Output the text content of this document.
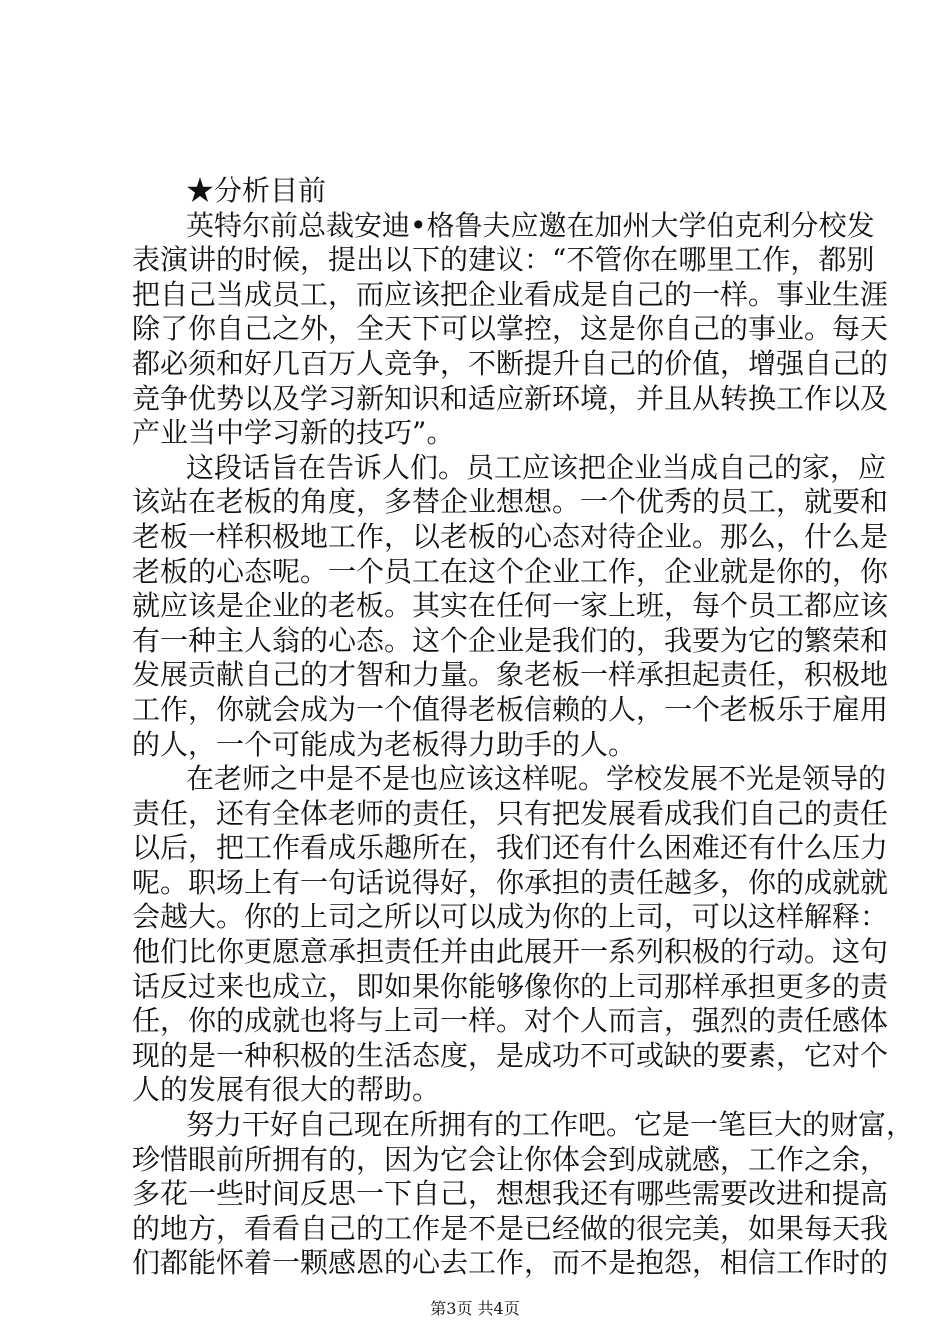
★分析目前
英特尔前总裁安迪•格鲁夫应邀在加州大学伯克利分校发
表演讲的时候，提出以下的建议：“不管你在哪里工作，都别
把自己当成员工，而应该把企业看成是自己的一样。事业生涯
除了你自己之外，全天下可以掌控，这是你自己的事业。每天
都必须和好几百万人竞争，不断提升自己的价值，增强自己的
竞争优势以及学习新知识和适应新环境，并且从转换工作以及
产业当中学习新的技巧”。
这段话旨在告诉人们。员工应该把企业当成自己的家，应
该站在老板的角度，多替企业想想。一个优秀的员工，就要和
老板一样积极地工作，以老板的心态对待企业。那么，什么是
老板的心态呢。一个员工在这个企业工作，企业就是你的，你
就应该是企业的老板。其实在任何一家上班，每个员工都应该
有一种主人翁的心态。这个企业是我们的，我要为它的繁荣和
发展贡献自己的才智和力量。象老板一样承担起责任，积极地
工作，你就会成为一个值得老板信赖的人，一个老板乐于雇用
的人，一个可能成为老板得力助手的人。
在老师之中是不是也应该这样呢。学校发展不光是领导的
责任，还有全体老师的责任，只有把发展看成我们自己的责任
以后，把工作看成乐趣所在，我们还有什么困难还有什么压力
呢。职场上有一句话说得好，你承担的责任越多，你的成就就
会越大。你的上司之所以可以成为你的上司，可以这样解释：
他们比你更愿意承担责任并由此展开一系列积极的行动。这句
话反过来也成立，即如果你能够像你的上司那样承担更多的责
任，你的成就也将与上司一样。对个人而言，强烈的责任感体
现的是一种积极的生活态度，是成功不可或缺的要素，它对个
人的发展有很大的帮助。
努力干好自己现在所拥有的工作吧。它是一笔巨大的财富，
珍惜眼前所拥有的，因为它会让你体会到成就感，工作之余，
多花一些时间反思一下自己，想想我还有哪些需要改进和提高
的地方，看看自己的工作是不是已经做的很完美，如果每天我
们都能怀着一颗感恩的心去工作，而不是抱怨，相信工作时的
第3页 共4页
